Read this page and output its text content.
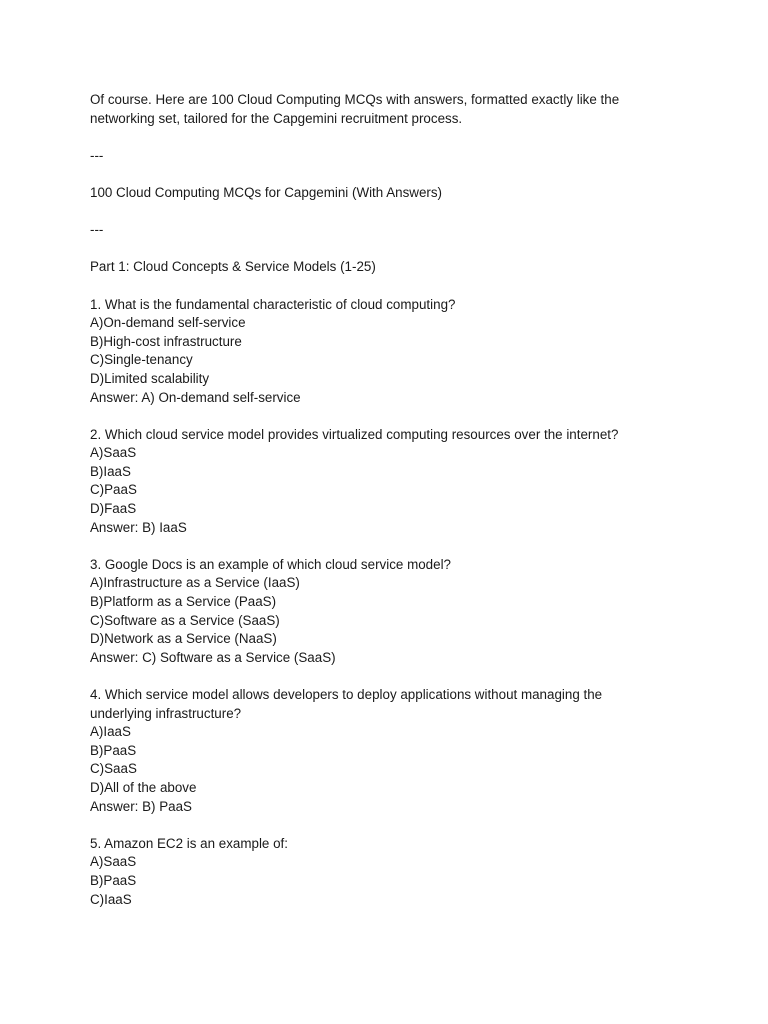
Of course. Here are 100 Cloud Computing MCQs with answers, formatted exactly like the networking set, tailored for the Capgemini recruitment process.

---

100 Cloud Computing MCQs for Capgemini (With Answers)

---

Part 1: Cloud Concepts & Service Models (1-25)

1. What is the fundamental characteristic of cloud computing?
A)On-demand self-service
B)High-cost infrastructure
C)Single-tenancy
D)Limited scalability
Answer: A) On-demand self-service
2. Which cloud service model provides virtualized computing resources over the internet?
A)SaaS
B)IaaS
C)PaaS
D)FaaS
Answer: B) IaaS
3. Google Docs is an example of which cloud service model?
A)Infrastructure as a Service (IaaS)
B)Platform as a Service (PaaS)
C)Software as a Service (SaaS)
D)Network as a Service (NaaS)
Answer: C) Software as a Service (SaaS)
4. Which service model allows developers to deploy applications without managing the underlying infrastructure?
A)IaaS
B)PaaS
C)SaaS
D)All of the above
Answer: B) PaaS
5. Amazon EC2 is an example of:
A)SaaS
B)PaaS
C)IaaS
